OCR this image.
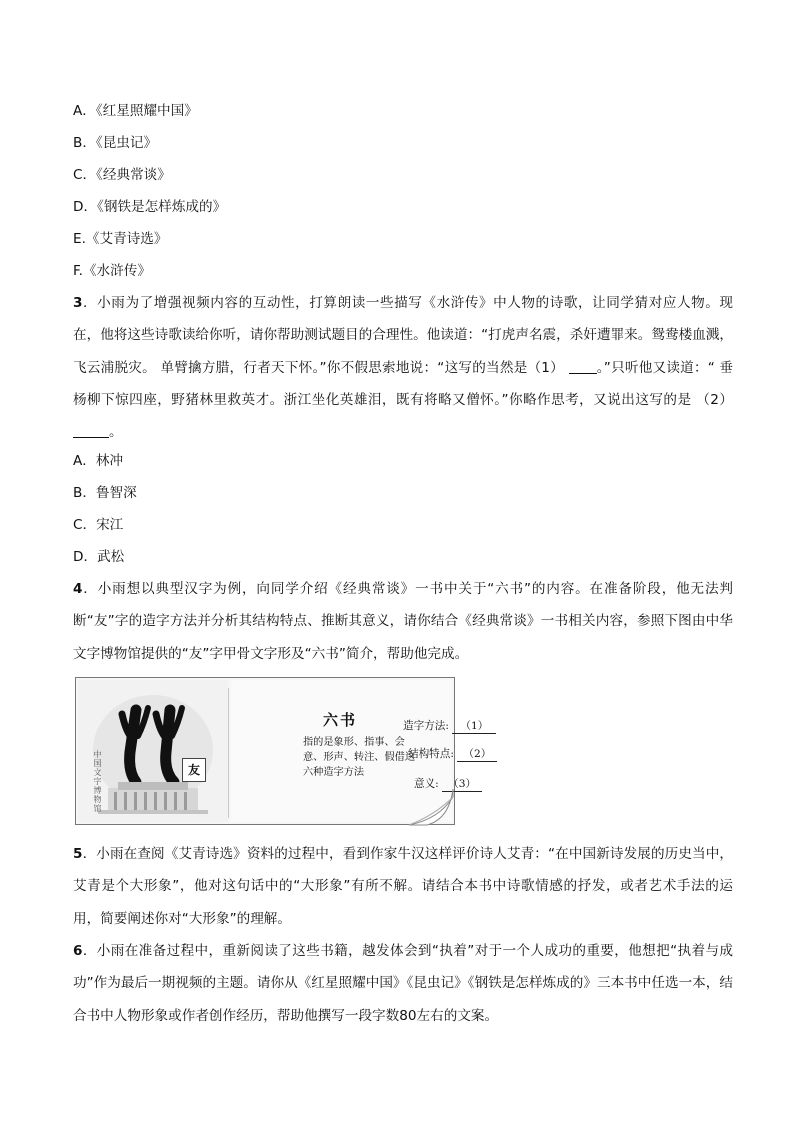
A．《红星照耀中国》
B．《昆虫记》
C．《经典常谈》
D．《钢铁是怎样炼成的》
E.《艾青诗选》
F.《水浒传》
3．小雨为了增强视频内容的互动性，打算朗读一些描写《水浒传》中人物的诗歌，让同学猜对应人物。现在，他将这些诗歌读给你听，请你帮助测试题目的合理性。他读道：“打虎声名震，杀奸遭罪来。鸳鸯楼血溅，飞云浦脱灾。 单臂擒方腊，行者天下怀。”你不假思索地说：“这写的当然是（1） 。”只听他又读道：“ 垂杨柳下惊四座，野猪林里救英才。浙江坐化英雄泪，既有将略又僧怀。”你略作思考，又说出这写的是 （2）。
A．林冲
B．鲁智深
C．宋江
D．武松
4．小雨想以典型汉字为例，向同学介绍《经典常谈》一书中关于“六书”的内容。在准备阶段，他无法判断“友”字的造字方法并分析其结构特点、推断其意义，请你结合《经典常谈》一书相关内容，参照下图由中华文字博物馆提供的“友”字甲骨文字形及“六书”简介，帮助他完成。
中国文字博物馆	友
六书
指的是象形、指事、会意、形声、转注、假借这六种造字方法
造字方法: （1）
结构特点: （2）
意义: （3）
5．小雨在查阅《艾青诗选》资料的过程中，看到作家牛汉这样评价诗人艾青：“在中国新诗发展的历史当中，艾青是个大形象”，他对这句话中的“大形象”有所不解。请结合本书中诗歌情感的抒发，或者艺术手法的运用，简要阐述你对“大形象”的理解。
6．小雨在准备过程中，重新阅读了这些书籍，越发体会到“执着”对于一个人成功的重要，他想把“执着与成功”作为最后一期视频的主题。请你从《红星照耀中国》《昆虫记》《钢铁是怎样炼成的》三本书中任选一本，结合书中人物形象或作者创作经历，帮助他撰写一段字数80左右的文案。
